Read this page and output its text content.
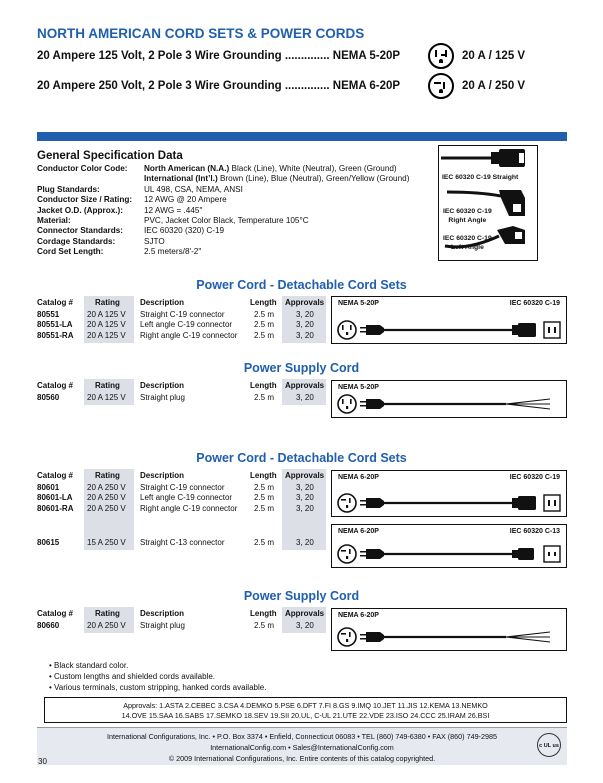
NORTH AMERICAN CORD SETS & POWER CORDS
20 Ampere 125 Volt, 2 Pole 3 Wire Grounding .............. NEMA 5-20P	20 A / 125 V
20 Ampere 250 Volt, 2 Pole 3 Wire Grounding .............. NEMA 6-20P	20 A / 250 V
General Specification Data
Conductor Color Code: North American (N.A.) Black (Line), White (Neutral), Green (Ground)
International (Int’l.) Brown (Line), Blue (Neutral), Green/Yellow (Ground)
Plug Standards:	UL 498, CSA, NEMA, ANSI
Conductor Size / Rating: 12 AWG @ 20 Ampere
Jacket O.D. (Approx.):	12 AWG = .445"
Material:	PVC, Jacket Color Black, Temperature 105°C
Connector Standards:	IEC 60320 (320) C-19
Cordage Standards:	SJTO
Cord Set Length:	2.5 meters/8'-2"
IEC 60320 C-19 Straight
IEC 60320 C-19
Right Angle
IEC 60320 C-19
Left Angle
Power Cord - Detachable Cord Sets
Catalog #	Rating	Description	Length Approvals
80551	20 A 125 V Straight C-19 connector	2.5 m	3, 20
80551-LA 20 A 125 V Left angle C-19 connector	2.5 m	3, 20
80551-RA 20 A 125 V Right angle C-19 connector 2.5 m	3, 20
NEMA 5-20P	IEC 60320 C-19
Power Supply Cord
Catalog #	Rating	Description	Length Approvals
80560	20 A 125 V Straight plug	2.5 m	3, 20
NEMA 5-20P
Power Cord - Detachable Cord Sets
Catalog #	Rating	Description	Length Approvals
80601	20 A 250 V Straight C-19 connector	2.5 m	3, 20
80601-LA 20 A 250 V Left angle C-19 connector	2.5 m	3, 20
80601-RA 20 A 250 V Right angle C-19 connector 2.5 m	3, 20
80615	15 A 250 V Straight C-13 connector	2.5 m	3, 20
NEMA 6-20P	IEC 60320 C-19
NEMA 6-20P	IEC 60320 C-13
Power Supply Cord
Catalog #	Rating	Description	Length Approvals
80660	20 A 250 V Straight plug	2.5 m	3, 20
NEMA 6-20P
• Black standard color.
• Custom lengths and shielded cords available.
• Various terminals, custom stripping, hanked cords available.
Approvals: 1.ASTA 2.CEBEC 3.CSA 4.DEMKO 5.PSE 6.DFT 7.FI 8.GS 9.IMQ 10.JET 11.JIS 12.KEMA 13.NEMKO
14.OVE 15.SAA 16.SABS 17.SEMKO 18.SEV 19.SII 20.UL, C-UL 21.UTE 22.VDE 23.ISO 24.CCC 25.IRAM 26.BSI
International Configurations, Inc. • P.O. Box 3374 • Enfield, Connecticut 06083 • TEL (860) 749-6380 • FAX (860) 749-2985
InternationalConfig.com • Sales@InternationalConfig.com
© 2009 International Configurations, Inc. Entire contents of this catalog copyrighted.
c UL us
30
